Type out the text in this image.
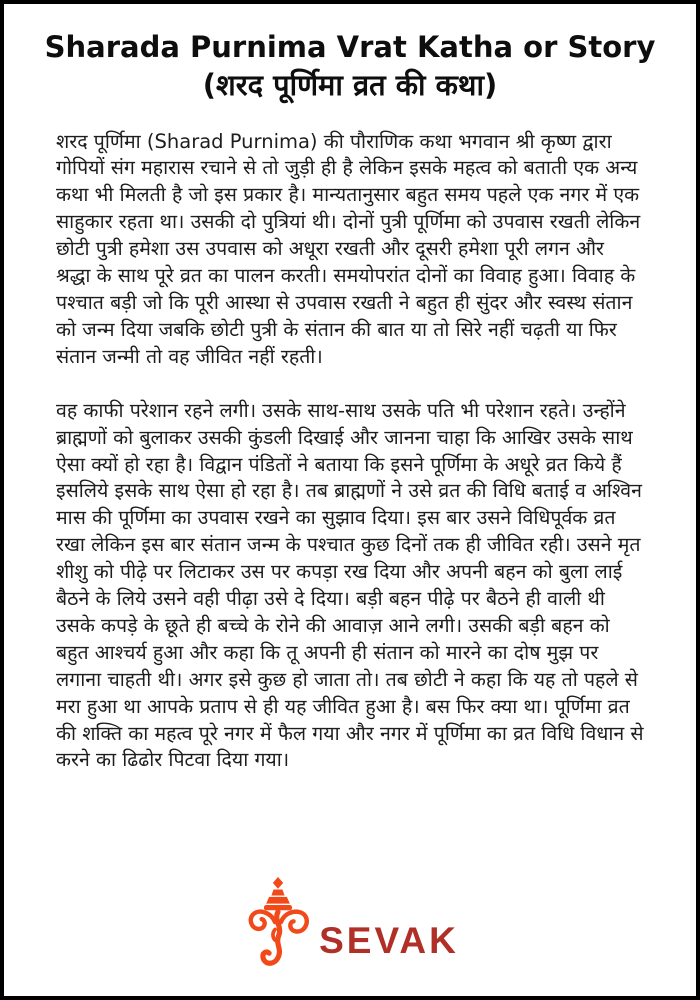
Sharada Purnima Vrat Katha or Story
(शरद पूर्णिमा व्रत की कथा)

शरद पूर्णिमा (Sharad Purnima) की पौराणिक कथा भगवान श्री कृष्ण द्वारा गोपियों संग महारास रचाने से तो जुड़ी ही है लेकिन इसके महत्व को बताती एक अन्य कथा भी मिलती है जो इस प्रकार है। मान्यतानुसार बहुत समय पहले एक नगर में एक साहुकार रहता था। उसकी दो पुत्रियां थी। दोनों पुत्री पूर्णिमा को उपवास रखती लेकिन छोटी पुत्री हमेशा उस उपवास को अधूरा रखती और दूसरी हमेशा पूरी लगन और श्रद्धा के साथ पूरे व्रत का पालन करती। समयोपरांत दोनों का विवाह हुआ। विवाह के पश्चात बड़ी जो कि पूरी आस्था से उपवास रखती ने बहुत ही सुंदर और स्वस्थ संतान को जन्म दिया जबकि छोटी पुत्री के संतान की बात या तो सिरे नहीं चढ़ती या फिर संतान जन्मी तो वह जीवित नहीं रहती।

वह काफी परेशान रहने लगी। उसके साथ-साथ उसके पति भी परेशान रहते। उन्होंने ब्राह्मणों को बुलाकर उसकी कुंडली दिखाई और जानना चाहा कि आखिर उसके साथ ऐसा क्यों हो रहा है। विद्वान पंडितों ने बताया कि इसने पूर्णिमा के अधूरे व्रत किये हैं इसलिये इसके साथ ऐसा हो रहा है। तब ब्राह्मणों ने उसे व्रत की विधि बताई व अश्विन मास की पूर्णिमा का उपवास रखने का सुझाव दिया। इस बार उसने विधिपूर्वक व्रत रखा लेकिन इस बार संतान जन्म के पश्चात कुछ दिनों तक ही जीवित रही। उसने मृत शीशु को पीढ़े पर लिटाकर उस पर कपड़ा रख दिया और अपनी बहन को बुला लाई बैठने के लिये उसने वही पीढ़ा उसे दे दिया। बड़ी बहन पीढ़े पर बैठने ही वाली थी उसके कपड़े के छूते ही बच्चे के रोने की आवाज़ आने लगी। उसकी बड़ी बहन को बहुत आश्चर्य हुआ और कहा कि तू अपनी ही संतान को मारने का दोष मुझ पर लगाना चाहती थी। अगर इसे कुछ हो जाता तो। तब छोटी ने कहा कि यह तो पहले से मरा हुआ था आपके प्रताप से ही यह जीवित हुआ है। बस फिर क्या था। पूर्णिमा व्रत की शक्ति का महत्व पूरे नगर में फैल गया और नगर में पूर्णिमा का व्रत विधि विधान से करने का ढिढोर पिटवा दिया गया।

SEVAK
